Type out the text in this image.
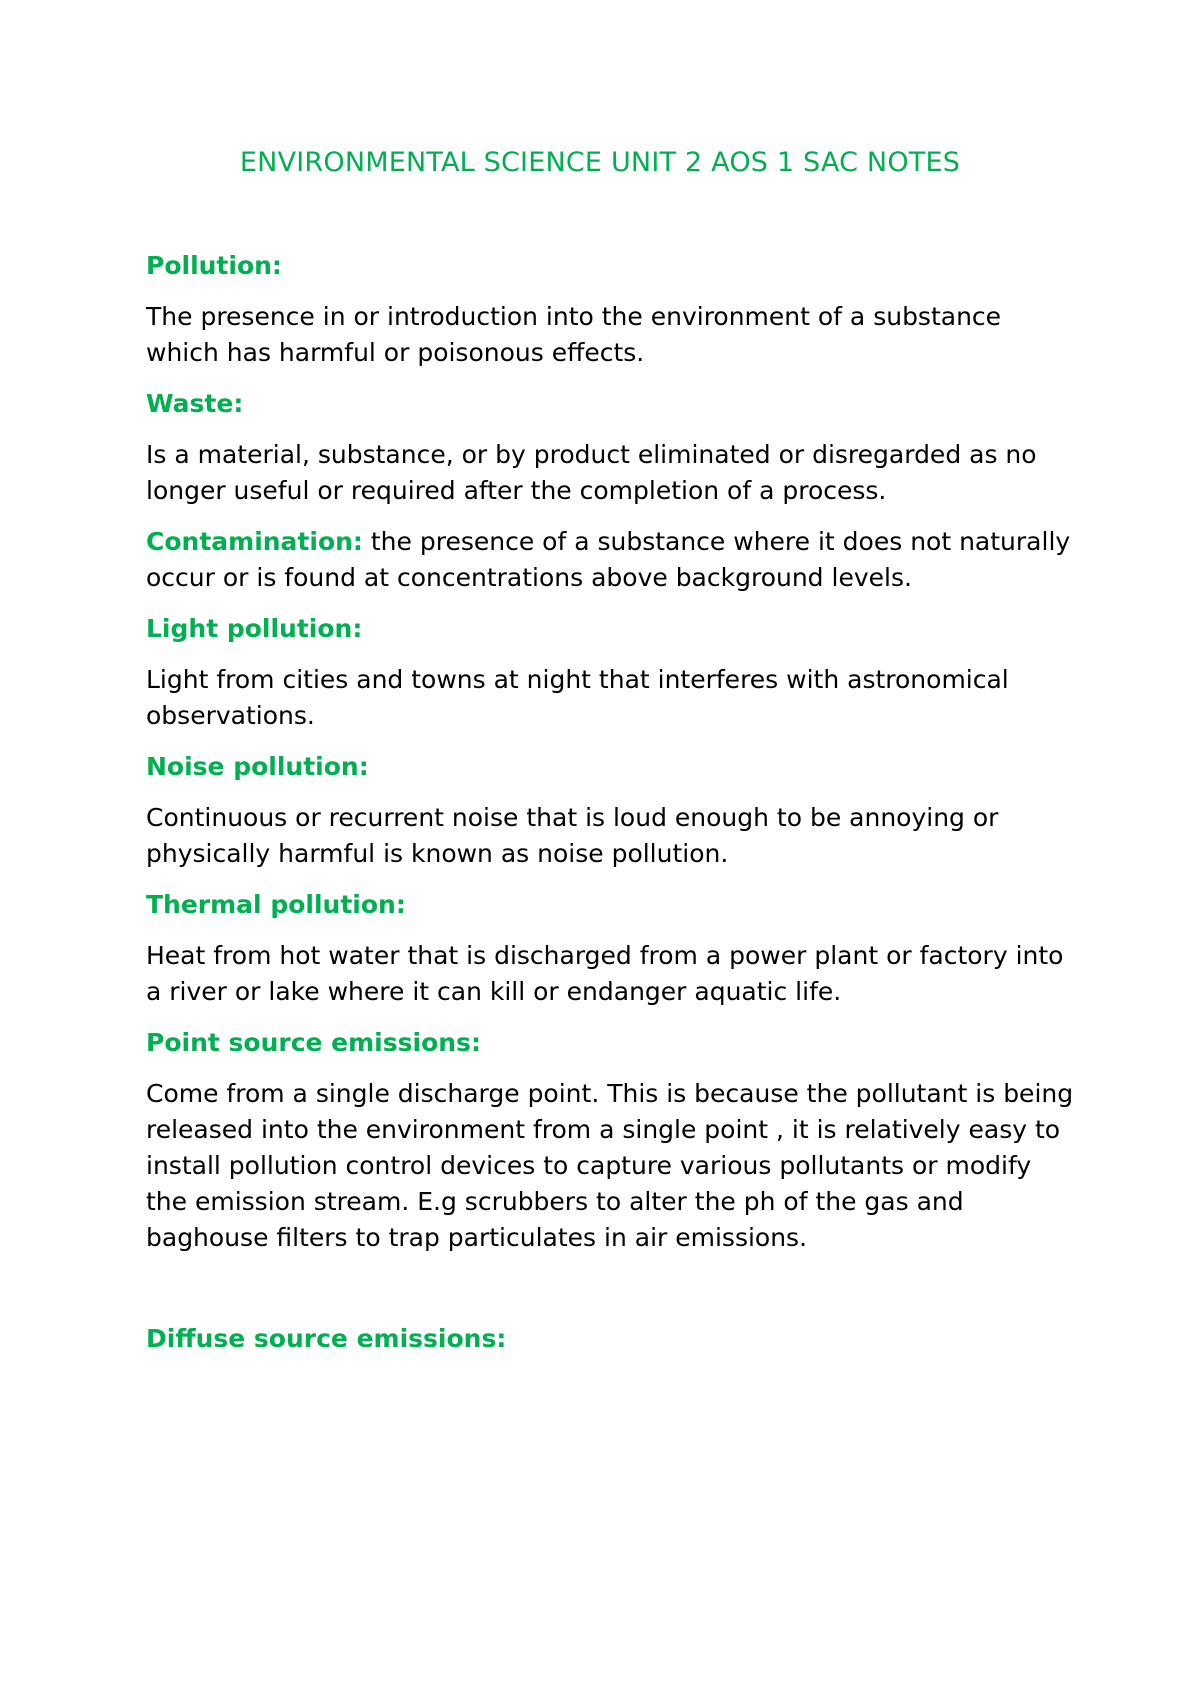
ENVIRONMENTAL SCIENCE UNIT 2 AOS 1 SAC NOTES

Pollution:

The presence in or introduction into the environment of a substance which has harmful or poisonous effects.

Waste:

Is a material, substance, or by product eliminated or disregarded as no longer useful or required after the completion of a process.

Contamination: the presence of a substance where it does not naturally occur or is found at concentrations above background levels.

Light pollution:

Light from cities and towns at night that interferes with astronomical observations.

Noise pollution:

Continuous or recurrent noise that is loud enough to be annoying or physically harmful is known as noise pollution.

Thermal pollution:

Heat from hot water that is discharged from a power plant or factory into a river or lake where it can kill or endanger aquatic life.

Point source emissions:

Come from a single discharge point. This is because the pollutant is being released into the environment from a single point , it is relatively easy to install pollution control devices to capture various pollutants or modify the emission stream. E.g scrubbers to alter the ph of the gas and baghouse filters to trap particulates in air emissions.

Diffuse source emissions:
